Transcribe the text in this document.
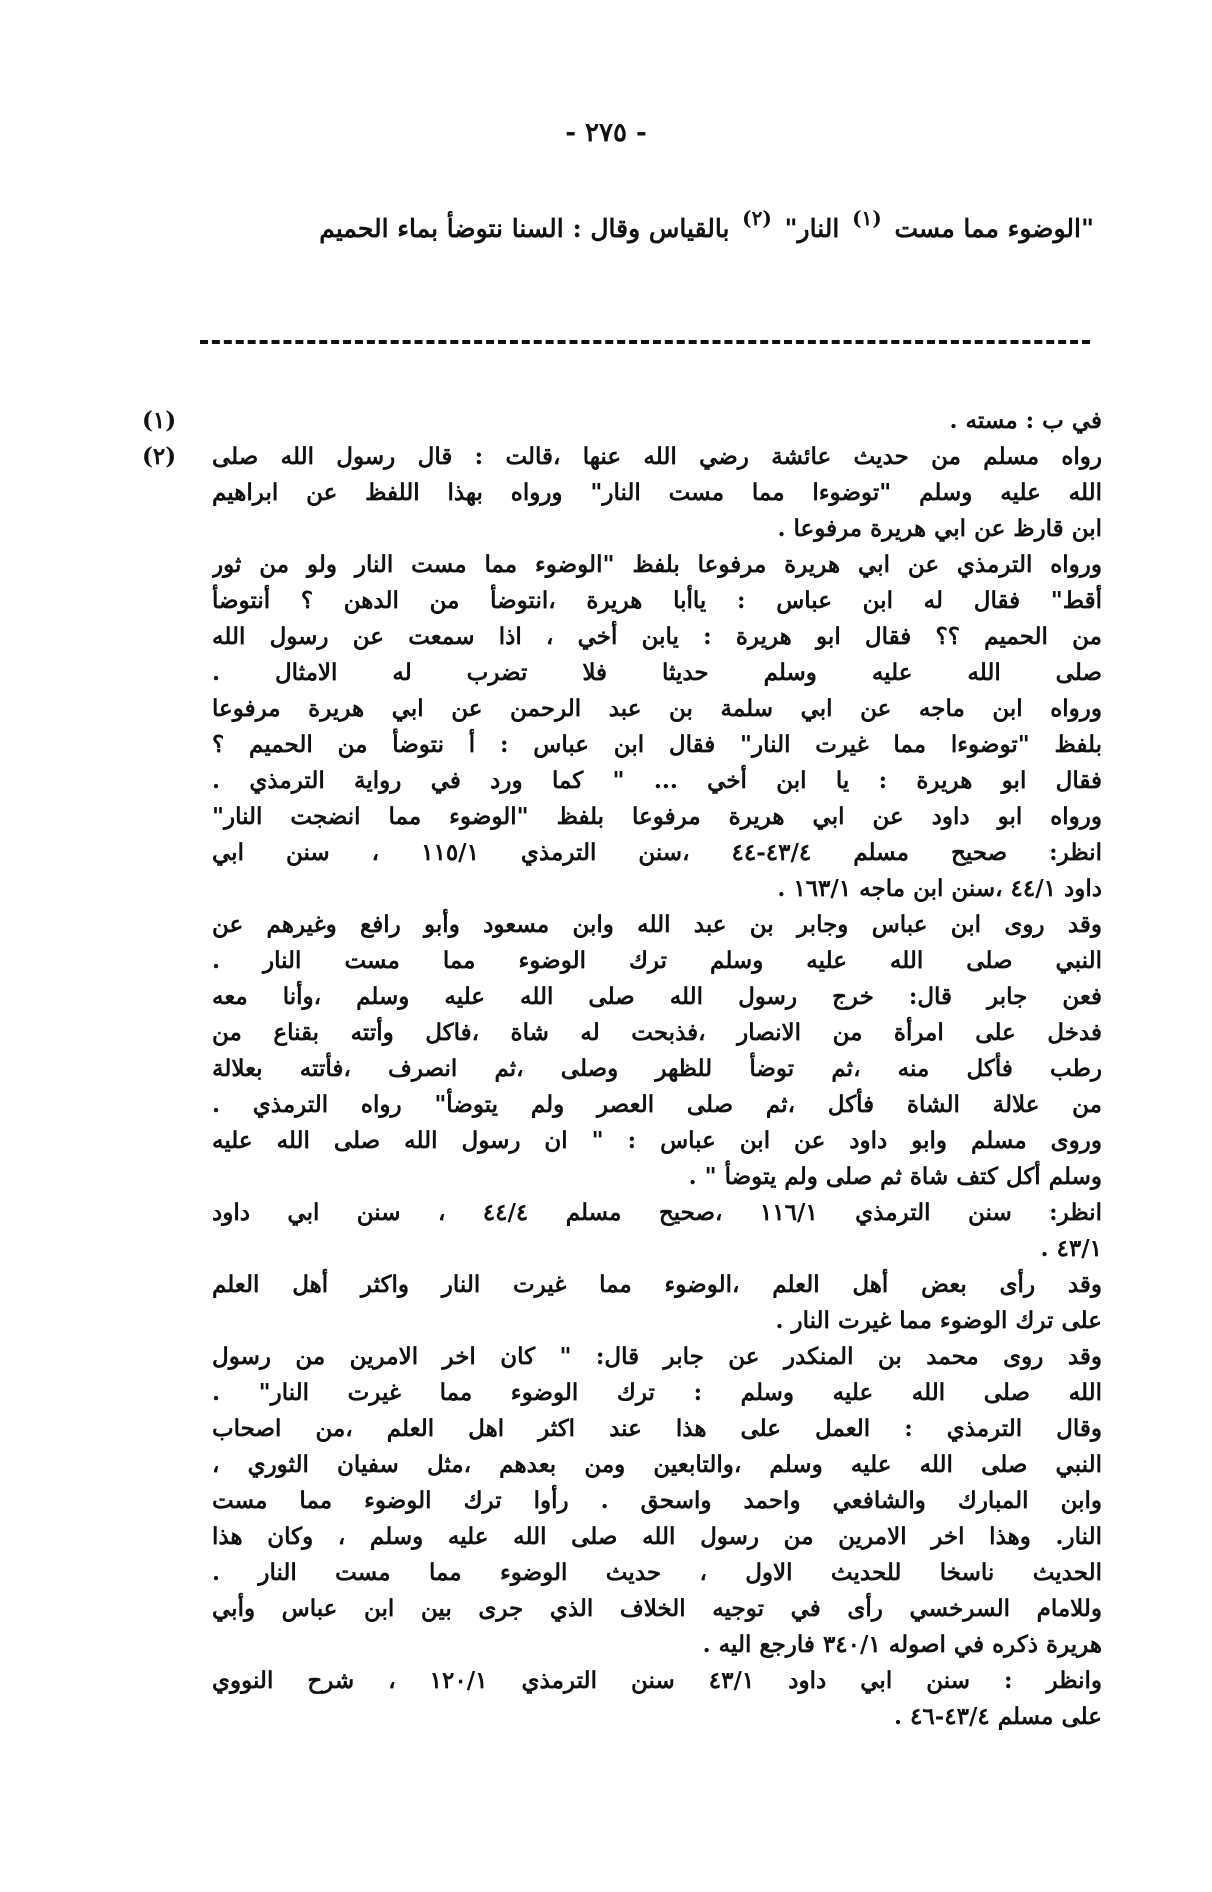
- ٢٧٥ -
"الوضوء مما مست $^{(١)}$ النار" $^{(٢)}$ بالقياس وقال : السنا نتوضأ بماء الحميم
في ب : مسته .
(١)
رواه مسلم من حديث عائشة رضي الله عنها ،قالت : قال رسول الله صلى
الله عليه وسلم "توضوءا مما مست النار" ورواه بهذا اللفظ عن ابراهيم
ابن قارظ عن ابي هريرة مرفوعا .
ورواه الترمذي عن ابي هريرة مرفوعا بلفظ "الوضوء مما مست النار ولو من ثور
أقط" فقال له ابن عباس : ياأبا هريرة ،انتوضأ من الدهن ؟ أنتوضأ
من الحميم ؟؟ فقال ابو هريرة : يابن أخي ، اذا سمعت عن رسول الله
صلى الله عليه وسلم حديثا فلا تضرب له الامثال .
ورواه ابن ماجه عن ابي سلمة بن عبد الرحمن عن ابي هريرة مرفوعا
بلفظ "توضوءا مما غيرت النار" فقال ابن عباس : أ نتوضأ من الحميم ؟
فقال ابو هريرة : يا ابن أخي ... " كما ورد في رواية الترمذي .
ورواه ابو داود عن ابي هريرة مرفوعا بلفظ "الوضوء مما انضجت النار"
انظر: صحيح مسلم ٤٣/٤-٤٤ ،سنن الترمذي ١١٥/١ ، سنن ابي
داود ٤٤/١ ،سنن ابن ماجه ١٦٣/١ .
وقد روى ابن عباس وجابر بن عبد الله وابن مسعود وأبو رافع وغيرهم عن
النبي صلى الله عليه وسلم ترك الوضوء مما مست النار .
فعن جابر قال: خرج رسول الله صلى الله عليه وسلم ،وأنا معه
فدخل على امرأة من الانصار ،فذبحت له شاة ،فاكل وأتته بقناع من
رطب فأكل منه ،ثم توضأ للظهر وصلى ،ثم انصرف ،فأتته بعلالة
من علالة الشاة فأكل ،ثم صلى العصر ولم يتوضأ" رواه الترمذي .
وروى مسلم وابو داود عن ابن عباس : " ان رسول الله صلى الله عليه
وسلم أكل كتف شاة ثم صلى ولم يتوضأ " .
انظر: سنن الترمذي ١١٦/١ ،صحيح مسلم ٤٤/٤ ، سنن ابي داود
٤٣/١ .
وقد رأى بعض أهل العلم ،الوضوء مما غيرت النار واكثر أهل العلم
على ترك الوضوء مما غيرت النار .
وقد روى محمد بن المنكدر عن جابر قال: " كان اخر الامرين من رسول
الله صلى الله عليه وسلم : ترك الوضوء مما غيرت النار" .
وقال الترمذي : العمل على هذا عند اكثر اهل العلم ،من اصحاب
النبي صلى الله عليه وسلم ،والتابعين ومن بعدهم ،مثل سفيان الثوري ،
وابن المبارك والشافعي واحمد واسحق . رأوا ترك الوضوء مما مست
النار. وهذا اخر الامرين من رسول الله صلى الله عليه وسلم ، وكان هذا
الحديث ناسخا للحديث الاول ، حديث الوضوء مما مست النار .
وللامام السرخسي رأى في توجيه الخلاف الذي جرى بين ابن عباس وأبي
هريرة ذكره في اصوله ٣٤٠/١ فارجع اليه .
وانظر : سنن ابي داود ٤٣/١ سنن الترمذي ١٢٠/١ ، شرح النووي
على مسلم ٤٣/٤-٤٦ .
(٢)
